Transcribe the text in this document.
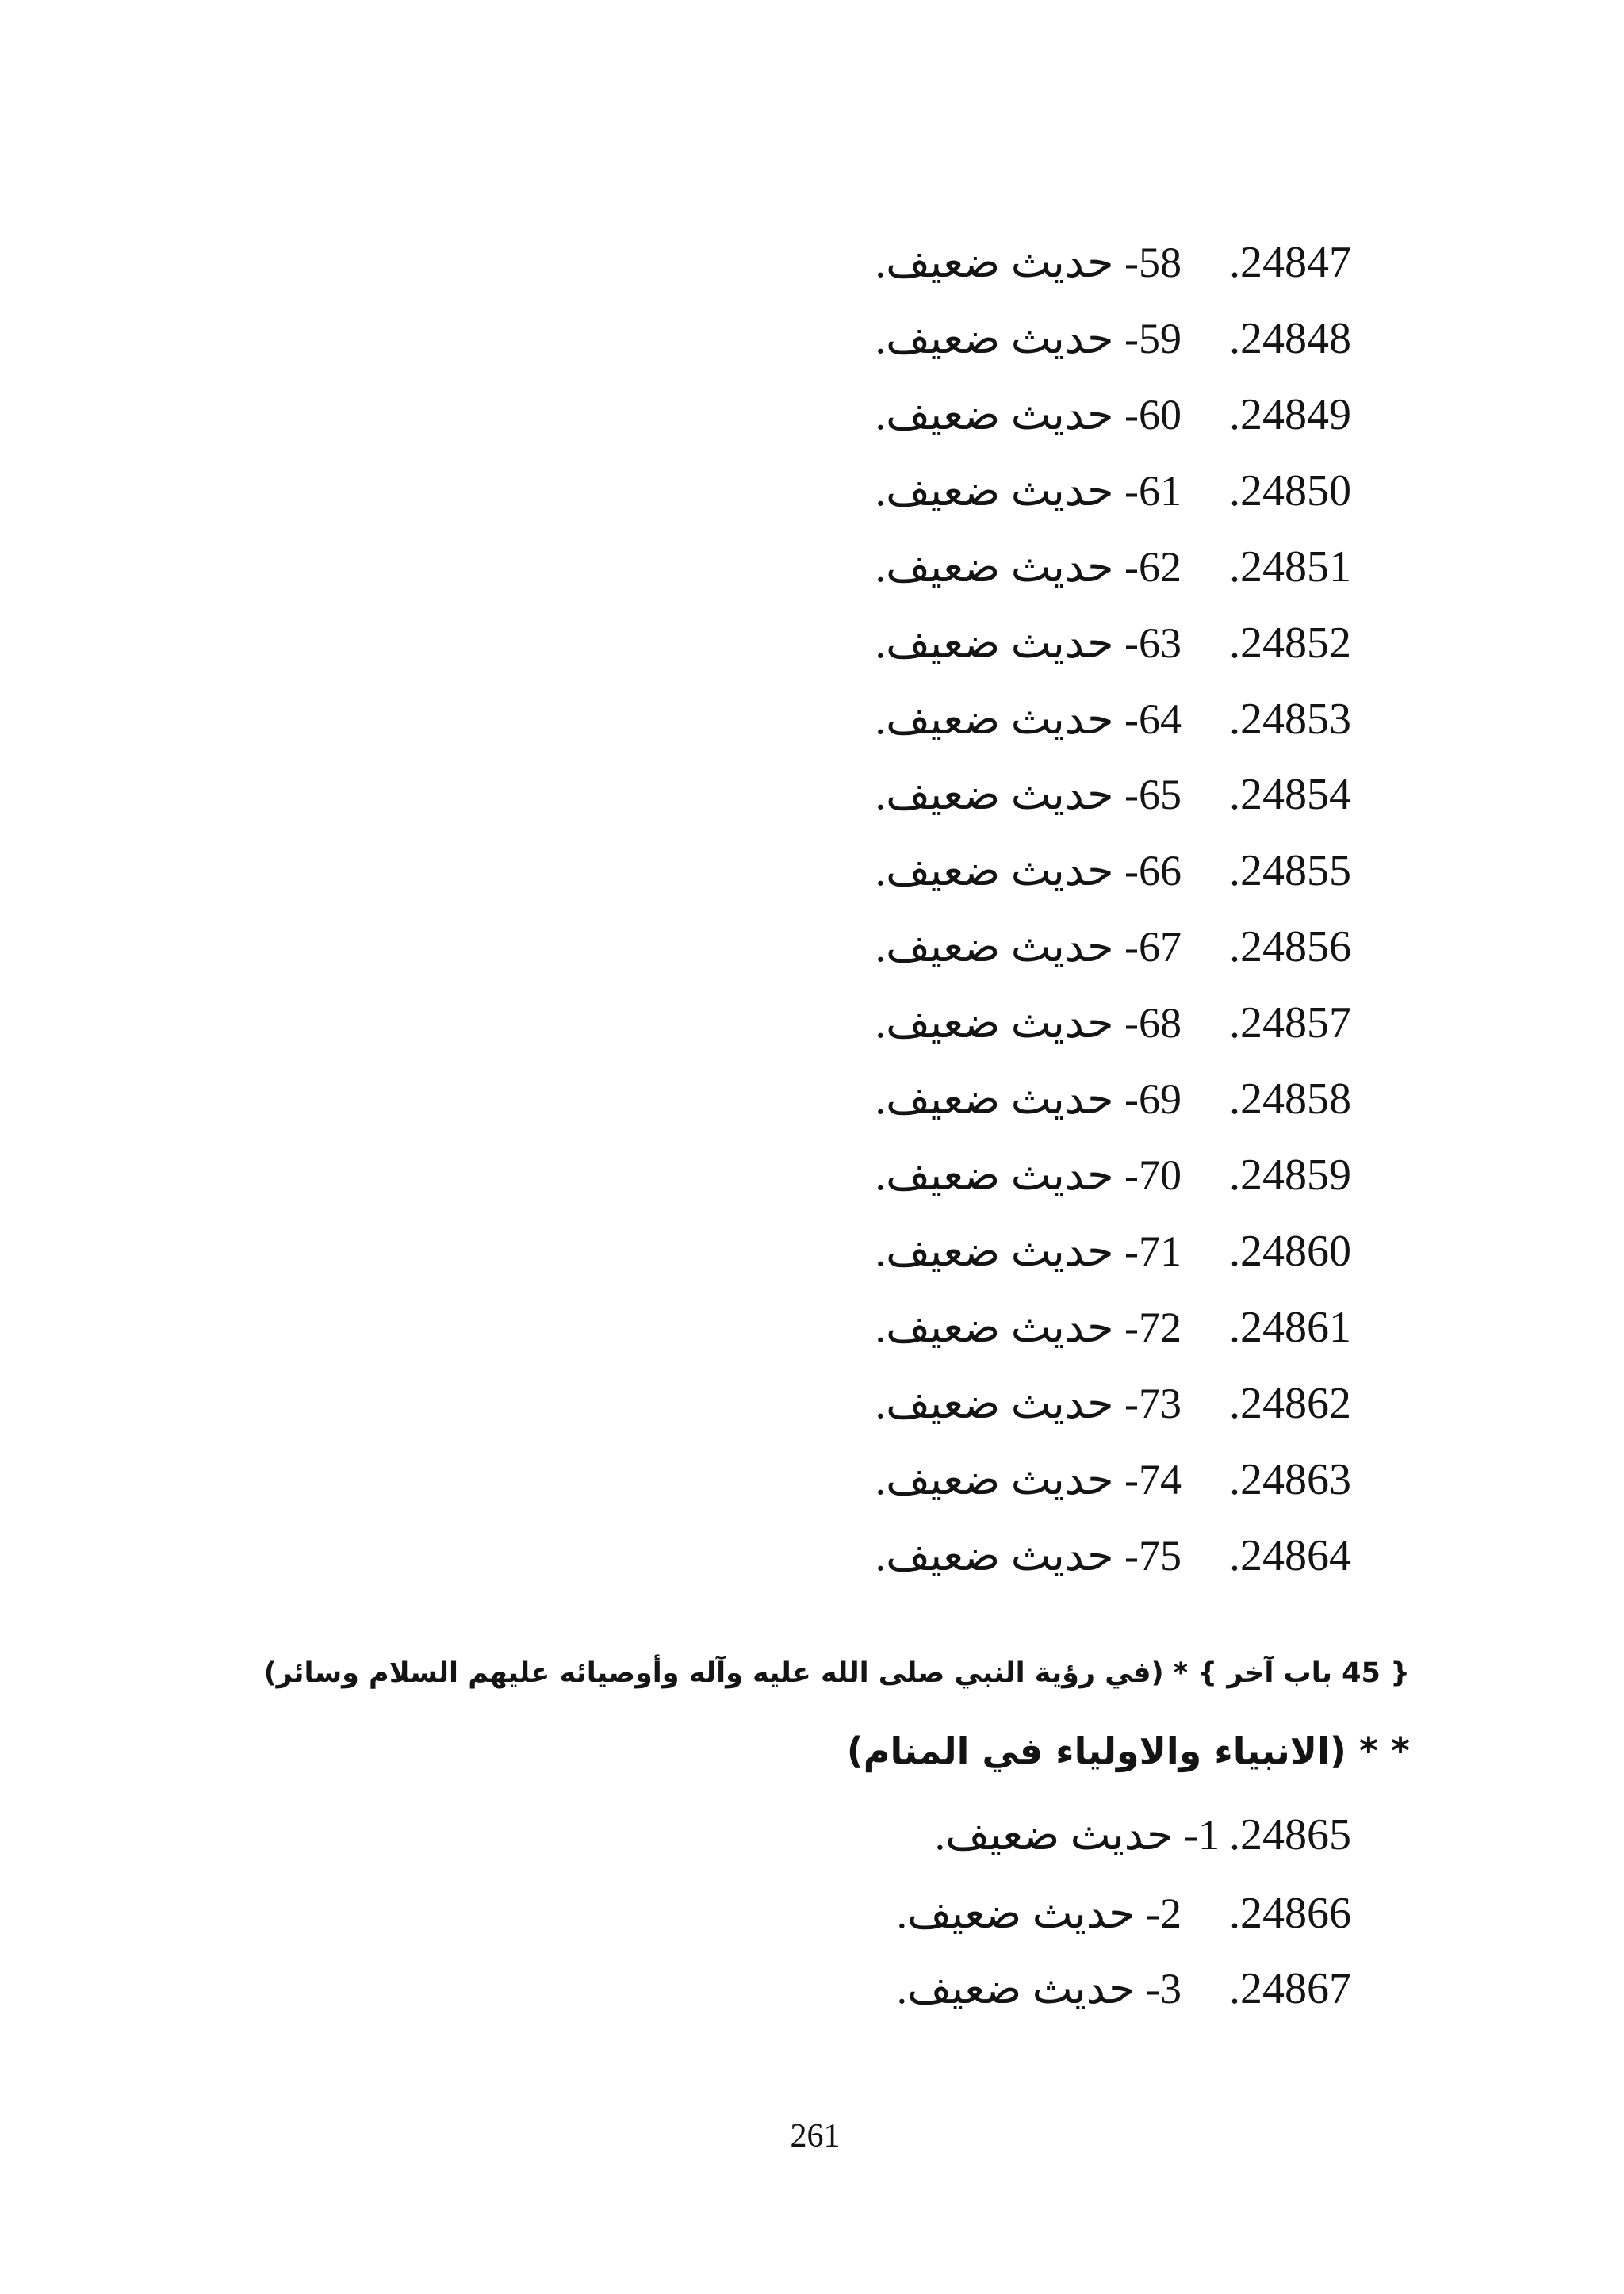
24847.
58- حديث ضعيف.
24848.
59- حديث ضعيف.
24849.
60- حديث ضعيف.
24850.
61- حديث ضعيف.
24851.
62- حديث ضعيف.
24852.
63- حديث ضعيف.
24853.
64- حديث ضعيف.
24854.
65- حديث ضعيف.
24855.
66- حديث ضعيف.
24856.
67- حديث ضعيف.
24857.
68- حديث ضعيف.
24858.
69- حديث ضعيف.
24859.
70- حديث ضعيف.
24860.
71- حديث ضعيف.
24861.
72- حديث ضعيف.
24862.
73- حديث ضعيف.
24863.
74- حديث ضعيف.
24864.
75- حديث ضعيف.
{ 45 باب آخر } * (في رؤية النبي صلى الله عليه وآله وأوصيائه عليهم السلام وسائر)
* * (الانبياء والاولياء في المنام)
24865.
1- حديث ضعيف.
24866.
2- حديث ضعيف.
24867.
3- حديث ضعيف.
261
